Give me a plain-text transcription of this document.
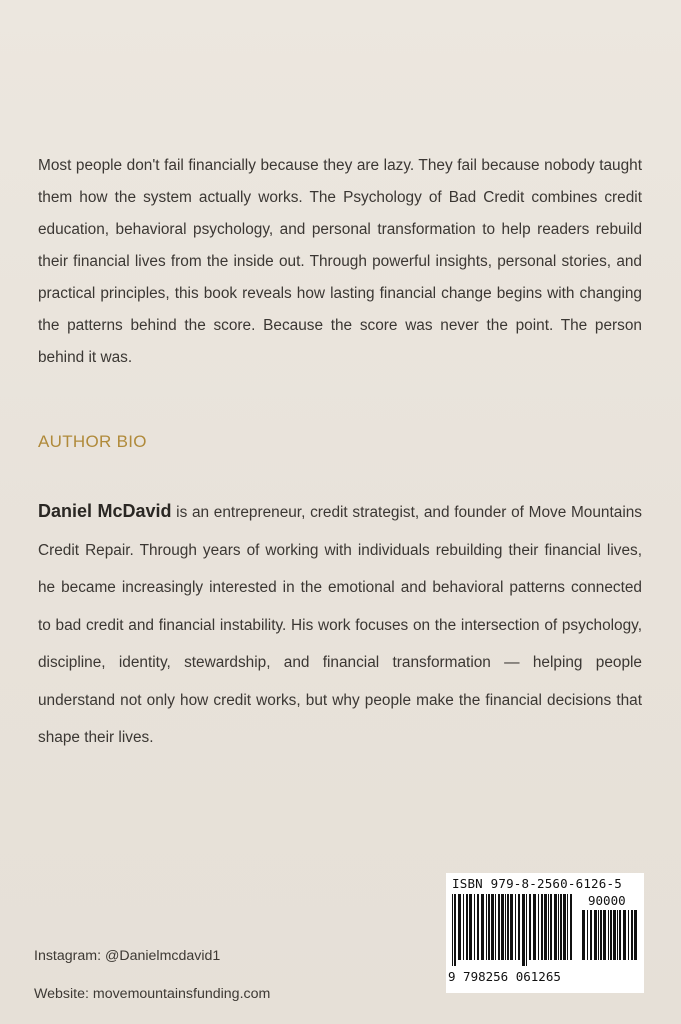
Most people don't fail financially because they are lazy. They fail because nobody taught them how the system actually works. The Psychology of Bad Credit combines credit education, behavioral psychology, and personal transformation to help readers rebuild their financial lives from the inside out. Through powerful insights, personal stories, and practical principles, this book reveals how lasting financial change begins with changing the patterns behind the score. Because the score was never the point. The person behind it was.

AUTHOR BIO

Daniel McDavid is an entrepreneur, credit strategist, and founder of Move Mountains Credit Repair. Through years of working with individuals rebuilding their financial lives, he became increasingly interested in the emotional and behavioral patterns connected to bad credit and financial instability. His work focuses on the intersection of psychology, discipline, identity, stewardship, and financial transformation — helping people understand not only how credit works, but why people make the financial decisions that shape their lives.

Instagram: @Danielmcdavid1
Website: movemountainsfunding.com
ISBN 979-8-2560-6126-5
90000
9 798256 061265
